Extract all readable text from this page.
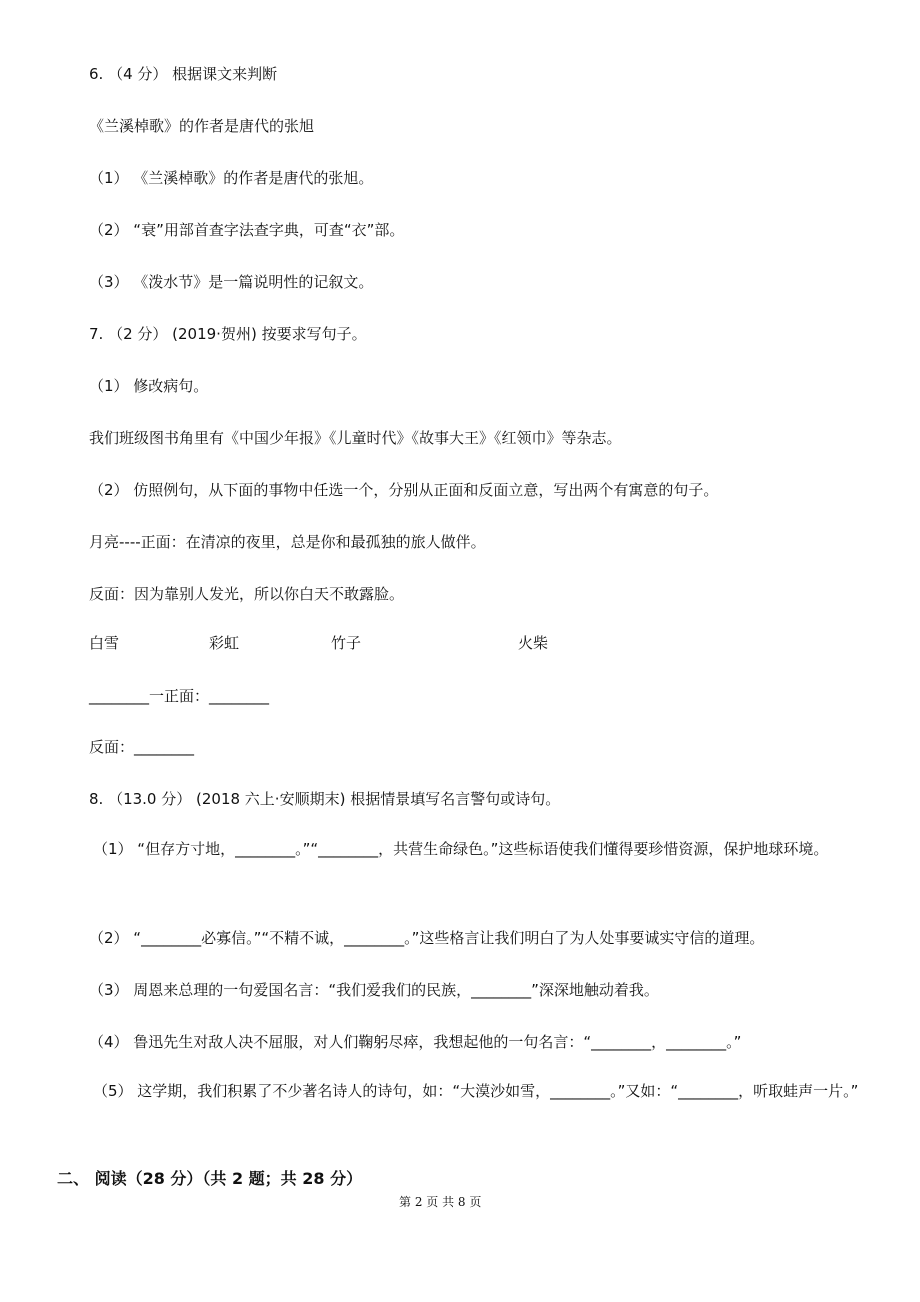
6. （4 分） 根据课文来判断
《兰溪棹歌》的作者是唐代的张旭
（1） 《兰溪棹歌》的作者是唐代的张旭。
（2） “衰”用部首查字法查字典，可查“衣”部。
（3） 《泼水节》是一篇说明性的记叙文。
7. （2 分） (2019·贺州) 按要求写句子。
（1） 修改病句。
我们班级图书角里有《中国少年报》《儿童时代》《故事大王》《红领巾》等杂志。
（2） 仿照例句，从下面的事物中任选一个，分别从正面和反面立意，写出两个有寓意的句子。
月亮----正面：在清凉的夜里，总是你和最孤独的旅人做伴。
反面：因为靠别人发光，所以你白天不敢露脸。
白雪	彩虹	竹子	火柴
________一正面：________
反面：________
8. （13.0 分） (2018 六上·安顺期末) 根据情景填写名言警句或诗句。
（1） “但存方寸地，________。”“________，共营生命绿色。”这些标语使我们懂得要珍惜资源，保护地球环境。
（2） “________必寡信。”“不精不诚，________。”这些格言让我们明白了为人处事要诚实守信的道理。
（3） 周恩来总理的一句爱国名言：“我们爱我们的民族，________”深深地触动着我。
（4） 鲁迅先生对敌人决不屈服，对人们鞠躬尽瘁，我想起他的一句名言：“________，________。”
（5） 这学期，我们积累了不少著名诗人的诗句，如：“大漠沙如雪，________。”又如：“________，听取蛙声一片。”
二、 阅读（28 分）（共 2 题；共 28 分）
第 2 页 共 8 页
